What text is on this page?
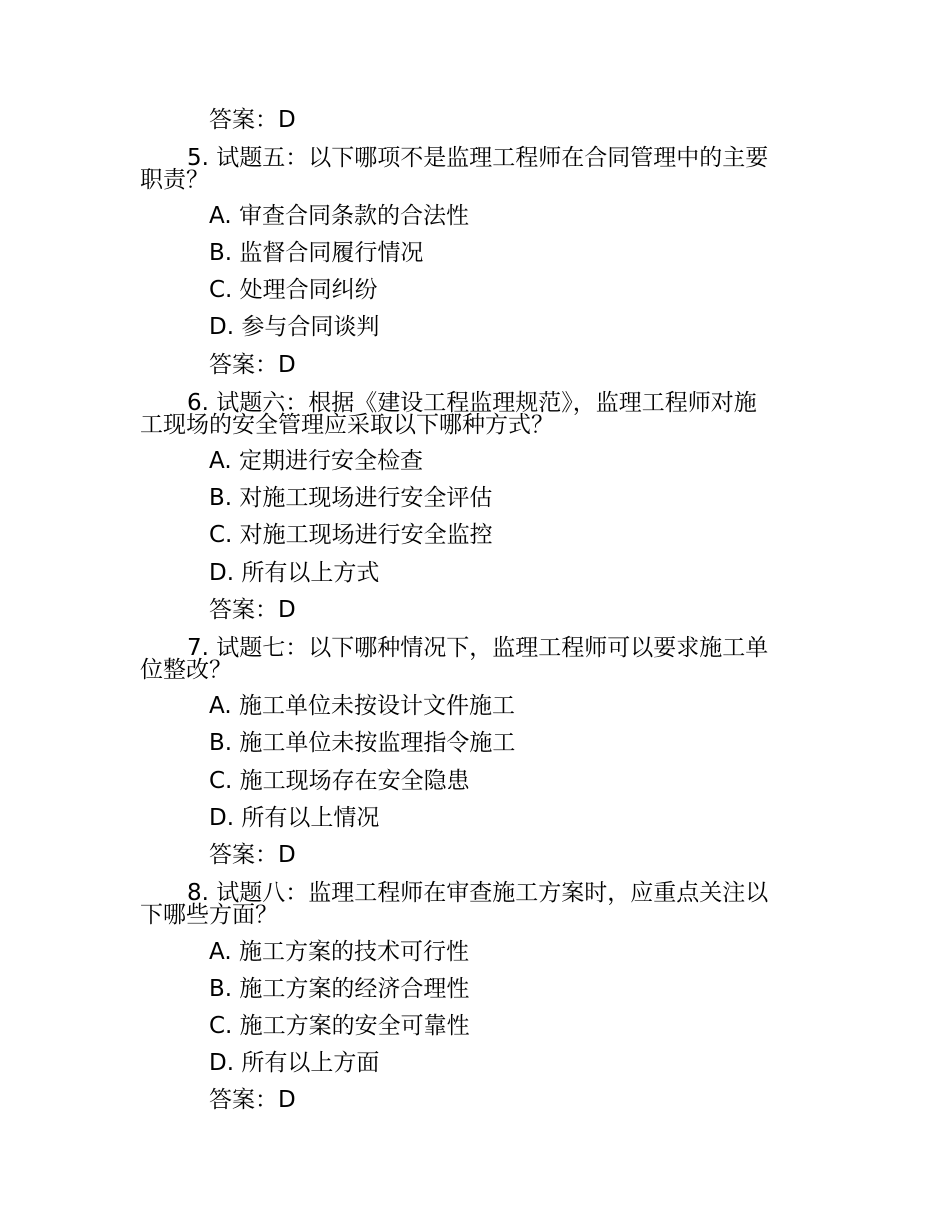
答案：D
5. 试题五：以下哪项不是监理工程师在合同管理中的主要
职责？
A. 审查合同条款的合法性
B. 监督合同履行情况
C. 处理合同纠纷
D. 参与合同谈判
答案：D
6. 试题六：根据《建设工程监理规范》，监理工程师对施
工现场的安全管理应采取以下哪种方式？
A. 定期进行安全检查
B. 对施工现场进行安全评估
C. 对施工现场进行安全监控
D. 所有以上方式
答案：D
7. 试题七：以下哪种情况下，监理工程师可以要求施工单
位整改？
A. 施工单位未按设计文件施工
B. 施工单位未按监理指令施工
C. 施工现场存在安全隐患
D. 所有以上情况
答案：D
8. 试题八：监理工程师在审查施工方案时，应重点关注以
下哪些方面？
A. 施工方案的技术可行性
B. 施工方案的经济合理性
C. 施工方案的安全可靠性
D. 所有以上方面
答案：D
